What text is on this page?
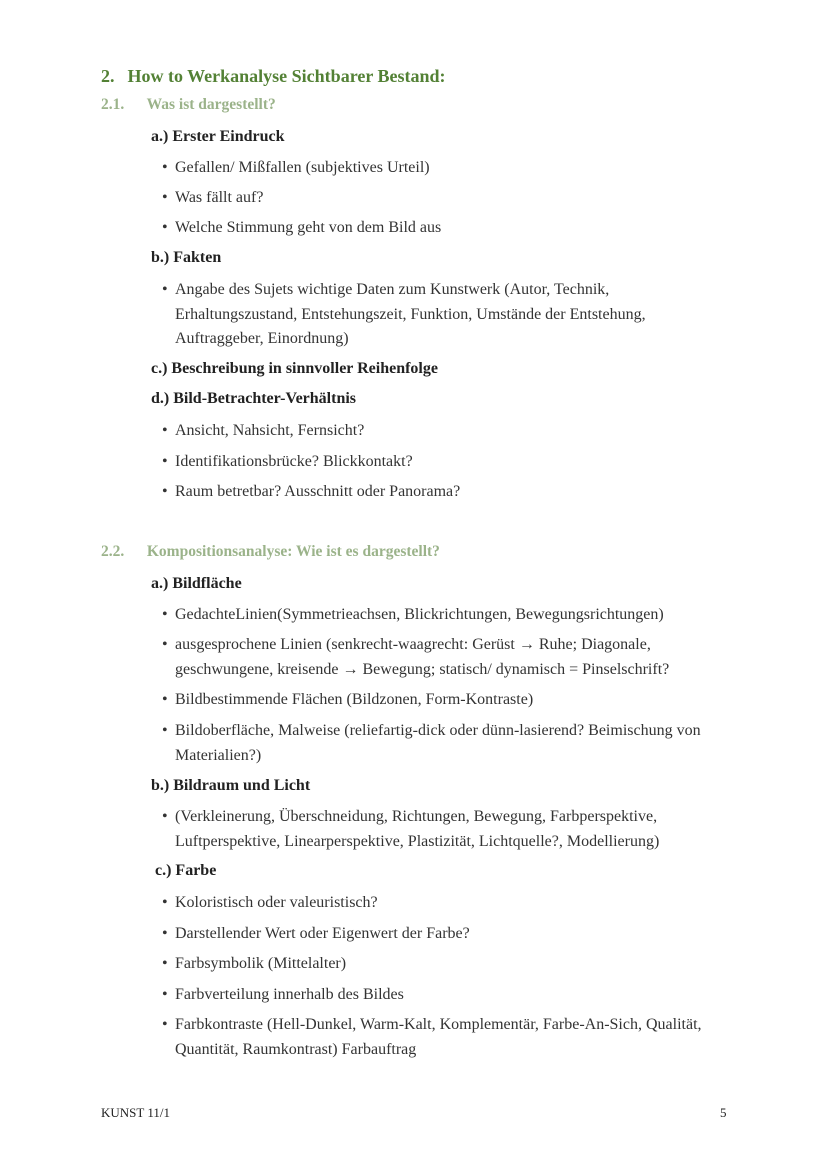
2. How to Werkanalyse Sichtbarer Bestand:
2.1. Was ist dargestellt?
a.) Erster Eindruck
• Gefallen/ Mißfallen (subjektives Urteil)
• Was fällt auf?
• Welche Stimmung geht von dem Bild aus
b.) Fakten
• Angabe des Sujets wichtige Daten zum Kunstwerk (Autor, Technik, Erhaltungszustand, Entstehungszeit, Funktion, Umstände der Entstehung, Auftraggeber, Einordnung)
c.) Beschreibung in sinnvoller Reihenfolge
d.) Bild-Betrachter-Verhältnis
• Ansicht, Nahsicht, Fernsicht?
• Identifikationsbrücke? Blickkontakt?
• Raum betretbar? Ausschnitt oder Panorama?
2.2. Kompositionsanalyse: Wie ist es dargestellt?
a.) Bildfläche
• GedachteLinien(Symmetrieachsen, Blickrichtungen, Bewegungsrichtungen)
• ausgesprochene Linien (senkrecht-waagrecht: Gerüst → Ruhe; Diagonale, geschwungene, kreisende → Bewegung; statisch/ dynamisch = Pinselschrift?
• Bildbestimmende Flächen (Bildzonen, Form-Kontraste)
• Bildoberfläche, Malweise (reliefartig-dick oder dünn-lasierend? Beimischung von Materialien?)
b.) Bildraum und Licht
• (Verkleinerung, Überschneidung, Richtungen, Bewegung, Farbperspektive, Luftperspektive, Linearperspektive, Plastizität, Lichtquelle?, Modellierung)
c.) Farbe
• Koloristisch oder valeuristisch?
• Darstellender Wert oder Eigenwert der Farbe?
• Farbsymbolik (Mittelalter)
• Farbverteilung innerhalb des Bildes
• Farbkontraste (Hell-Dunkel, Warm-Kalt, Komplementär, Farbe-An-Sich, Qualität, Quantität, Raumkontrast) Farbauftrag
KUNST 11/1	5
